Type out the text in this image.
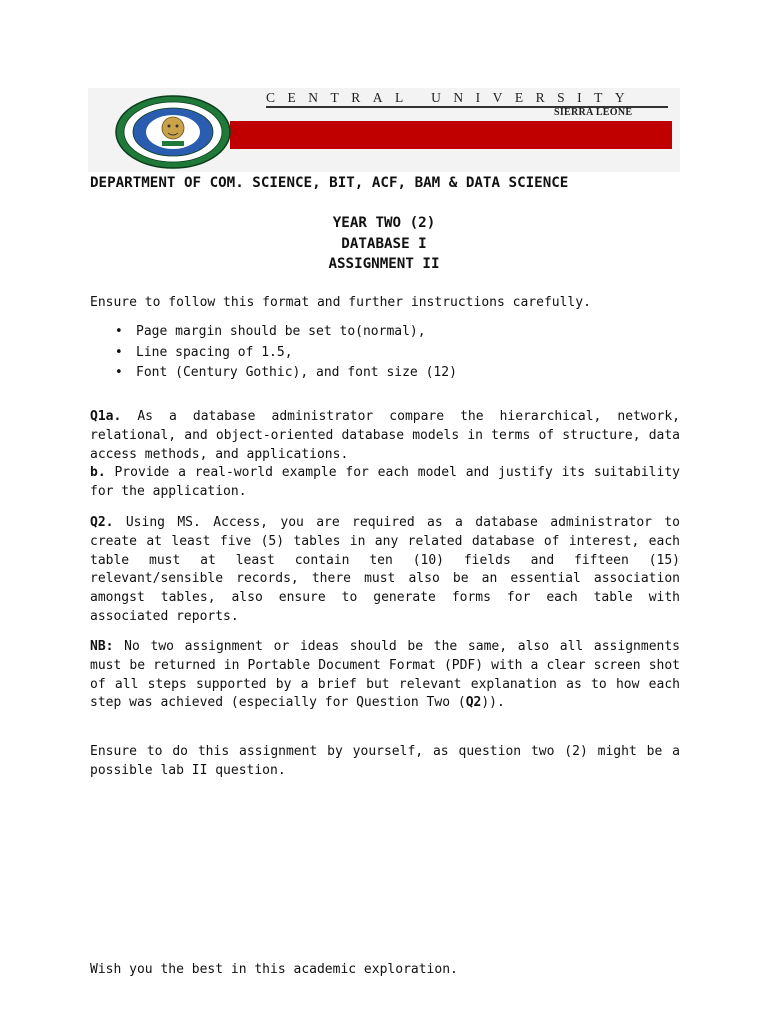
CENTRAL UNIVERSITY
SIERRA LEONE
DEPARTMENT OF COM. SCIENCE, BIT, ACF, BAM & DATA SCIENCE
YEAR TWO (2)
DATABASE I
ASSIGNMENT II
Ensure to follow this format and further instructions carefully.
• Page margin should be set to(normal),
• Line spacing of 1.5,
• Font (Century Gothic), and font size (12)
Q1a. As a database administrator compare the hierarchical, network, relational, and object-oriented database models in terms of structure, data access methods, and applications.
b. Provide a real-world example for each model and justify its suitability for the application.
Q2. Using MS. Access, you are required as a database administrator to create at least five (5) tables in any related database of interest, each table must at least contain ten (10) fields and fifteen (15) relevant/sensible records, there must also be an essential association amongst tables, also ensure to generate forms for each table with associated reports.
NB: No two assignment or ideas should be the same, also all assignments must be returned in Portable Document Format (PDF) with a clear screen shot of all steps supported by a brief but relevant explanation as to how each step was achieved (especially for Question Two (Q2)).
Ensure to do this assignment by yourself, as question two (2) might be a possible lab II question.
Wish you the best in this academic exploration.
